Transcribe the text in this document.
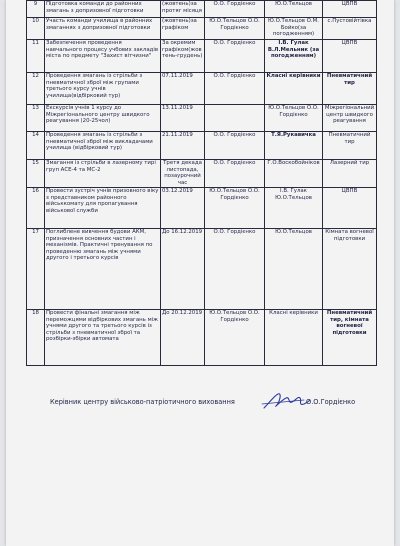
9	Підготовка команди до районних змагань з допризовної підготовки	(жовтень)за протяг місяця	О.О. Гордієнко	Ю.О.Тельцов	ЦВПВ
10	Участь команди училища в районних змаганнях з допризовної підготовки	(жовтень)за графіком	Ю.О.Тельцов О.О. Гордієнко	Ю.О.Тельцов О.М. Бойко(за погодженням)	с.Пустовійтівка
11	Забезпечення проведення навчального процесу учбових закладів міста по предмету "Захист вітчизни"	За окремим графіком(жовтень-грудень)	О.О. Гордієнко	І.В. Гулак В.Л.Мельник (за погодженням)	ЦВПВ
12	Проведення змагань із стрільби з пневматичної зброї між групами третього курсу учнів училища(відбірковий тур)	07.11.2019	О.О. Гордієнко	Класні керівники	Пневматичний тир
13	Екскурсія учнів 1 курсу до Міжрегіонального центру швидкого реагування (20-25чол)	13.11.2019		Ю.О.Тельцов О.О. Гордієнко	Міжрегіональний центр швидкого реагування
14	Проведення змагань із стрільби з пневматичної зброї між викладачами училища (відбірковий тур)	21.11.2019	О.О. Гордієнко	Т.Я.Рукавичка	Пневматичний тир
15	Змагання із стрільби в лазерному тирі груп АСЕ-4 та МС-2	Третя декада листопада, позаурочний час	О.О. Гордієнко	Г.О.Воскобойніков	Лазерний тир
16	Провести зустріч учнів призовного віку з представником районного військкомату для пропагування військової служби	03.12.2019	Ю.О.Тельцов О.О. Гордієнко	І.В. Гулак Ю.О.Тельцов	ЦВПВ
17	Поглиблене вивчення будови АКМ, призначення основних частин і механізмів. Практичні тренування по проведенню змагань між учнями другого і третього курсів	До 16.12.2019	О.О. Гордієнко	Ю.О.Тельцов	Кімната вогневої підготовки
18	Провести фінальні змагання між переможцями відбіркових змагань між учнями другого та третього курсів із стрільби з пневматичної зброї та розбірки-збірки автомата	До 20.12.2019	Ю.О.Тельцов О.О. Гордієнко	Класні керівники	Пневматичний тир, кімната вогневої підготовки
Керівник центру військово-патріотичного виховання	О.О.Гордієнко
